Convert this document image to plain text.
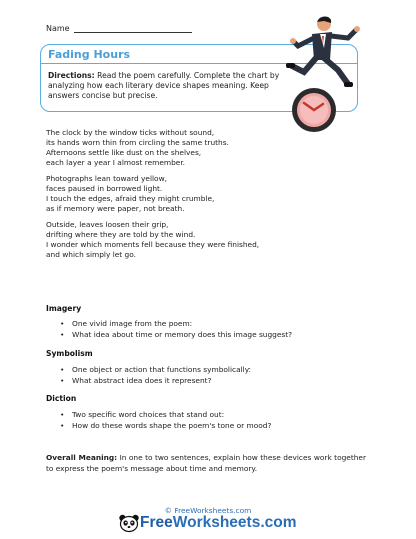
Name
Fading Hours
Directions: Read the poem carefully. Complete the chart by analyzing how each literary device shapes meaning. Keep answers concise but precise.
The clock by the window ticks without sound,
its hands worn thin from circling the same truths.
Afternoons settle like dust on the shelves,
each layer a year I almost remember.
Photographs lean toward yellow,
faces paused in borrowed light.
I touch the edges, afraid they might crumble,
as if memory were paper, not breath.
Outside, leaves loosen their grip,
drifting where they are told by the wind.
I wonder which moments fell because they were finished,
and which simply let go.
Imagery
• One vivid image from the poem:
• What idea about time or memory does this image suggest?
Symbolism
• One object or action that functions symbolically:
• What abstract idea does it represent?
Diction
• Two specific word choices that stand out:
• How do these words shape the poem's tone or mood?
Overall Meaning: In one to two sentences, explain how these devices work together to express the poem's message about time and memory.
© FreeWorksheets.com
FreeWorksheets.com
